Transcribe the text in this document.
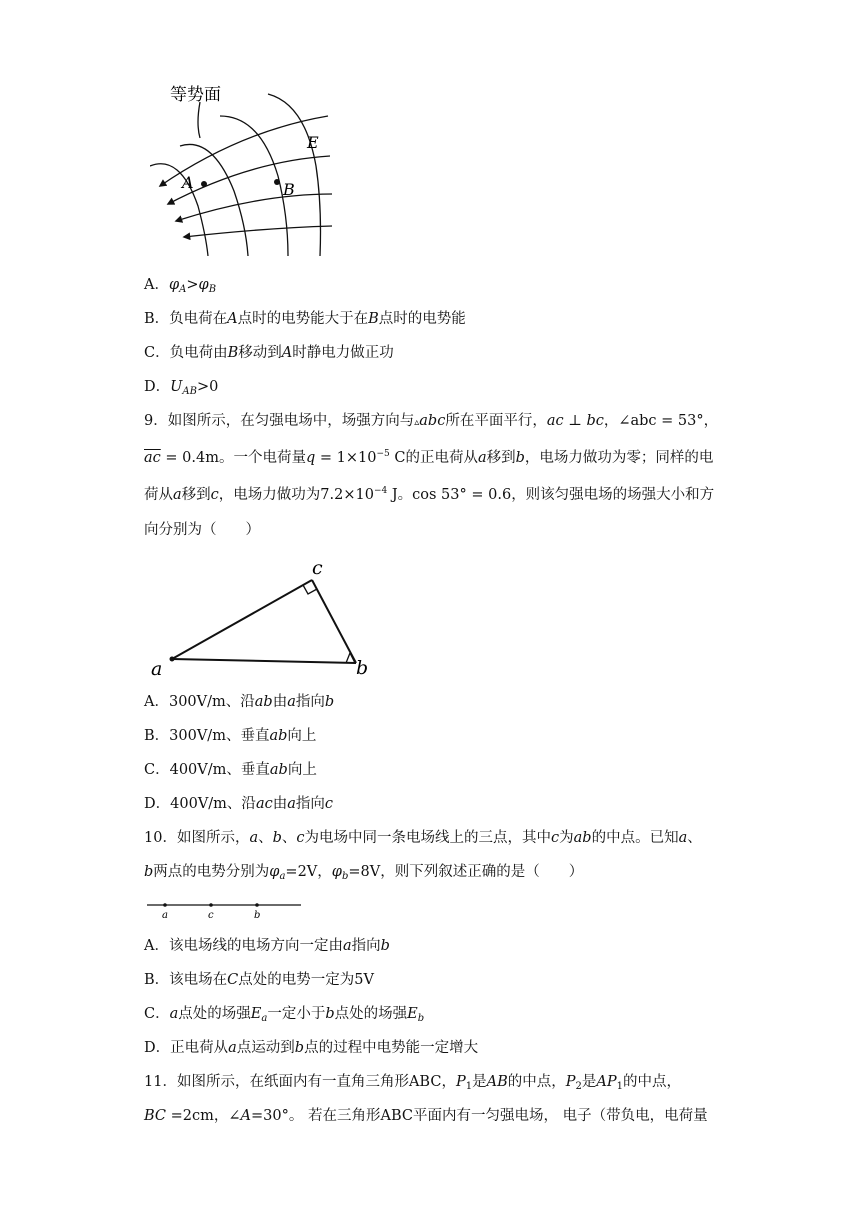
等势面
E
A	B
A．$\varphi_A>\varphi_B$
B．负电荷在A点时的电势能大于在B点时的电势能
C．负电荷由B移动到A时静电力做正功
D．$U_{AB}>0$
9．如图所示，在匀强电场中，场强方向与▵abc所在平面平行，ac ⊥ bc，∠abc = 53°，
$\overline{ac} = 0.4m$。一个电荷量$q = 1\times 10^{-5}$ C的正电荷从a移到b，电场力做功为零；同样的电
荷从a移到c，电场力做功为$7.2\times 10^{-4}$ J。cos 53° = 0.6，则该匀强电场的场强大小和方
向分别为（　　）
a	b
c
A．300V/m、沿ab由a指向b
B．300V/m、垂直ab向上
C．400V/m、垂直ab向上
D．400V/m、沿ac由a指向c
10．如图所示，a、b、c为电场中同一条电场线上的三点，其中c为ab的中点。已知a、
b两点的电势分别为$\varphi_a=2V$，$\varphi_b=8V$，则下列叙述正确的是（　　）
a	c	b
A．该电场线的电场方向一定由a指向b
B．该电场在C点处的电势一定为5V
C．a点处的场强$E_a$一定小于b点处的场强$E_b$
D．正电荷从a点运动到b点的过程中电势能一定增大
11．如图所示，在纸面内有一直角三角形ABC，$P_1$是AB的中点，$P_2$是$AP_1$的中点，
BC =2cm，∠A=30°。 若在三角形ABC平面内有一匀强电场， 电子（带负电，电荷量
